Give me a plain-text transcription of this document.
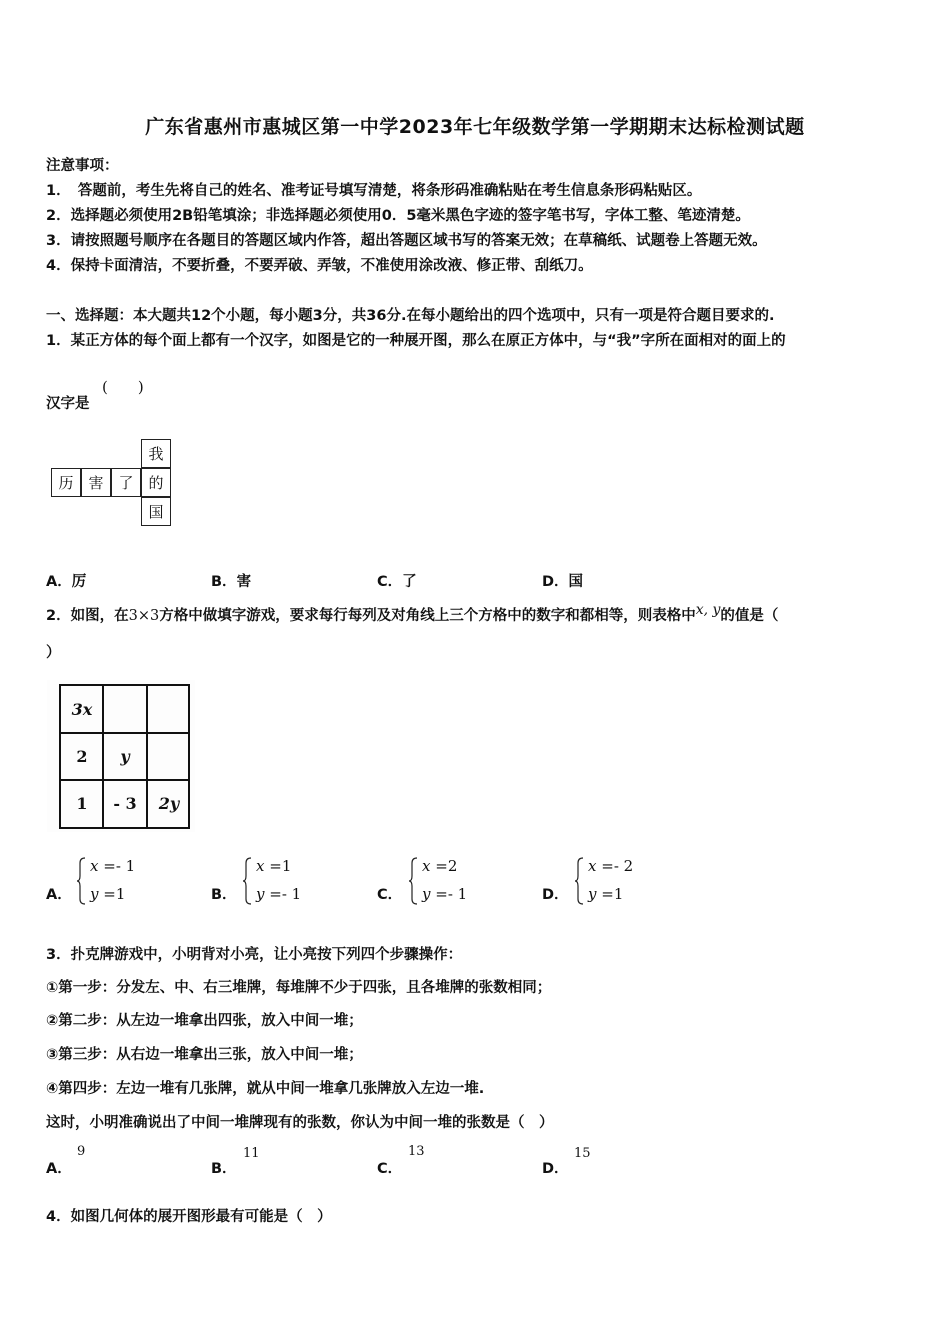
广东省惠州市惠城区第一中学2023年七年级数学第一学期期末达标检测试题
注意事项：
1．　答题前，考生先将自己的姓名、准考证号填写清楚，将条形码准确粘贴在考生信息条形码粘贴区。
2．选择题必须使用2B铅笔填涂；非选择题必须使用0．5毫米黑色字迹的签字笔书写，字体工整、笔迹清楚。
3．请按照题号顺序在各题目的答题区域内作答，超出答题区域书写的答案无效；在草稿纸、试题卷上答题无效。
4．保持卡面清洁，不要折叠，不要弄破、弄皱，不准使用涂改液、修正带、刮纸刀。
一、选择题：本大题共12个小题，每小题3分，共36分.在每小题给出的四个选项中，只有一项是符合题目要求的.
1．某正方体的每个面上都有一个汉字，如图是它的一种展开图，那么在原正方体中，与“我”字所在面相对的面上的
汉字是
(　　)
我
历 害 了 的
国
A．厉	B．害	C．了	D．国
2．如图，在3×3方格中做填字游戏，要求每行每列及对角线上三个方格中的数字和都相等，则表格中x, y的值是（
）
3x
2	y
1	- 3	2y
A．
x =- 1
y =1	B．
x =1
y =- 1	C．
x =2
y =- 1	D．
x =- 2
y =1
3．扑克牌游戏中，小明背对小亮，让小亮按下列四个步骤操作：
①第一步：分发左、中、右三堆牌，每堆牌不少于四张，且各堆牌的张数相同；
②第二步：从左边一堆拿出四张，放入中间一堆；
③第三步：从右边一堆拿出三张，放入中间一堆；
④第四步：左边一堆有几张牌，就从中间一堆拿几张牌放入左边一堆.
这时，小明准确说出了中间一堆牌现有的张数，你认为中间一堆的张数是（　）
A．
9
B．
11
C．
13
D．
15
4．如图几何体的展开图形最有可能是（　）
